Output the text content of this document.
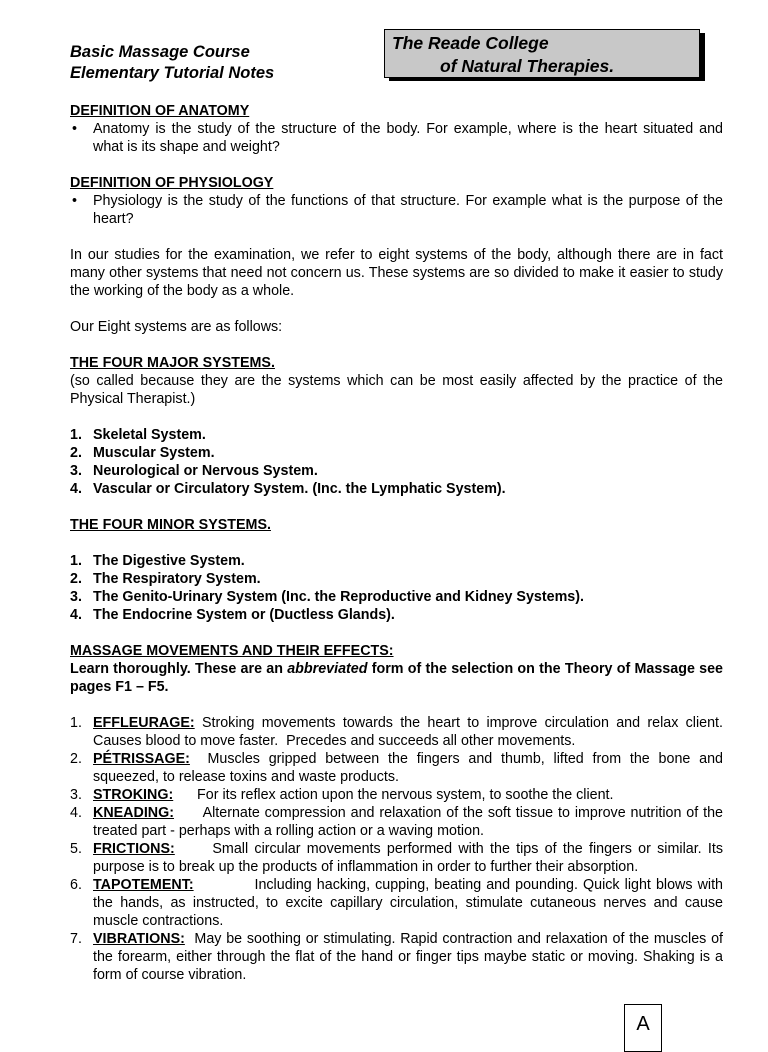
Basic Massage Course
Elementary Tutorial Notes
The Reade College
of Natural Therapies.
DEFINITION OF ANATOMY
• Anatomy is the study of the structure of the body. For example, where is the heart situated and what is its shape and weight?
DEFINITION OF PHYSIOLOGY
• Physiology is the study of the functions of that structure. For example what is the purpose of the heart?

In our studies for the examination, we refer to eight systems of the body, although there are in fact many other systems that need not concern us. These systems are so divided to make it easier to study the working of the body as a whole.

Our Eight systems are as follows:

THE FOUR MAJOR SYSTEMS.

(so called because they are the systems which can be most easily affected by the practice of the Physical Therapist.)

1. Skeletal System.
2. Muscular System.
3. Neurological or Nervous System.
4. Vascular or Circulatory System. (Inc. the Lymphatic System).
THE FOUR MINOR SYSTEMS.
1. The Digestive System.
2. The Respiratory System.
3. The Genito-Urinary System (Inc. the Reproductive and Kidney Systems).
4. The Endocrine System or (Ductless Glands).
MASSAGE MOVEMENTS AND THEIR EFFECTS:

Learn thoroughly. These are an abbreviated form of the selection on the Theory of Massage see pages F1 – F5.

1. EFFLEURAGE: Stroking movements towards the heart to improve circulation and relax client.  Causes blood to move faster.  Precedes and succeeds all other movements.
2. PÉTRISSAGE:  Muscles gripped between the fingers and thumb, lifted from the bone and squeezed, to release toxins and waste products.
3. STROKING:      For its reflex action upon the nervous system, to soothe the client.
4. KNEADING:      Alternate compression and relaxation of the soft tissue to improve nutrition of the treated part - perhaps with a rolling action or a waving motion.
5. FRICTIONS:      Small circular movements performed with the tips of the fingers or similar. Its purpose is to break up the products of inflammation in order to further their absorption.
6. TAPOTEMENT:            Including hacking, cupping, beating and pounding. Quick light blows with the hands, as instructed, to excite capillary circulation, stimulate cutaneous nerves and cause muscle contractions.
7. VIBRATIONS:  May be soothing or stimulating. Rapid contraction and relaxation of the muscles of the forearm, either through the flat of the hand or finger tips maybe static or moving. Shaking is a form of course vibration.
A
